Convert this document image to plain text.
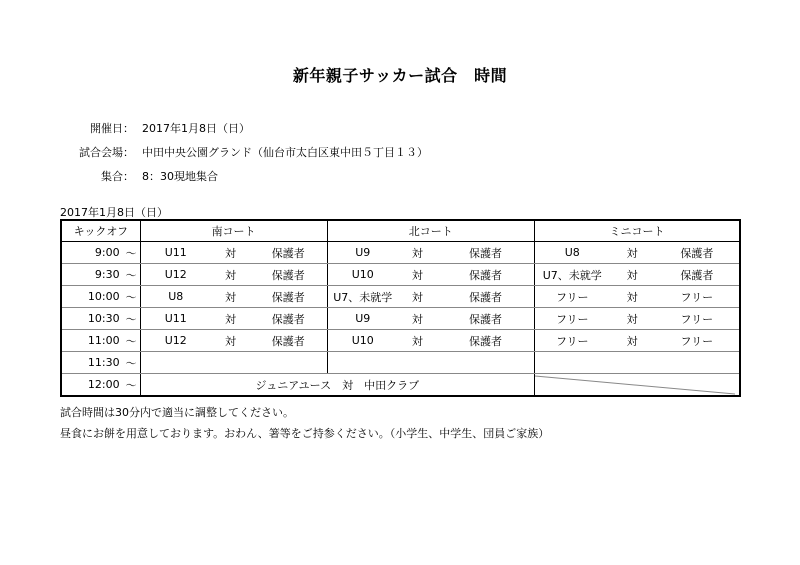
新年親子サッカー試合　時間
開催日： 2017年1月8日（日）
試合会場： 中田中央公園グランド（仙台市太白区東中田５丁目１３）
集合： 8：30現地集合
2017年1月8日（日）
キックオフ		南コート			北コート			ミニコート		
9:00	～	U11	対	保護者	U9	対	保護者	U8	対	保護者
9:30	～	U12	対	保護者	U10	対	保護者	U7、未就学	対	保護者
10:00	～	U8	対	保護者	U7、未就学	対	保護者	フリー	対	フリー
10:30	～	U11	対	保護者	U9	対	保護者	フリー	対	フリー
11:00	～	U12	対	保護者	U10	対	保護者	フリー	対	フリー
11:30	～									
12:00	～	ジュニアユース　対　中田クラブ	
試合時間は30分内で適当に調整してください。
昼食にお餅を用意しております。おわん、箸等をご持参ください。（小学生、中学生、団員ご家族）
